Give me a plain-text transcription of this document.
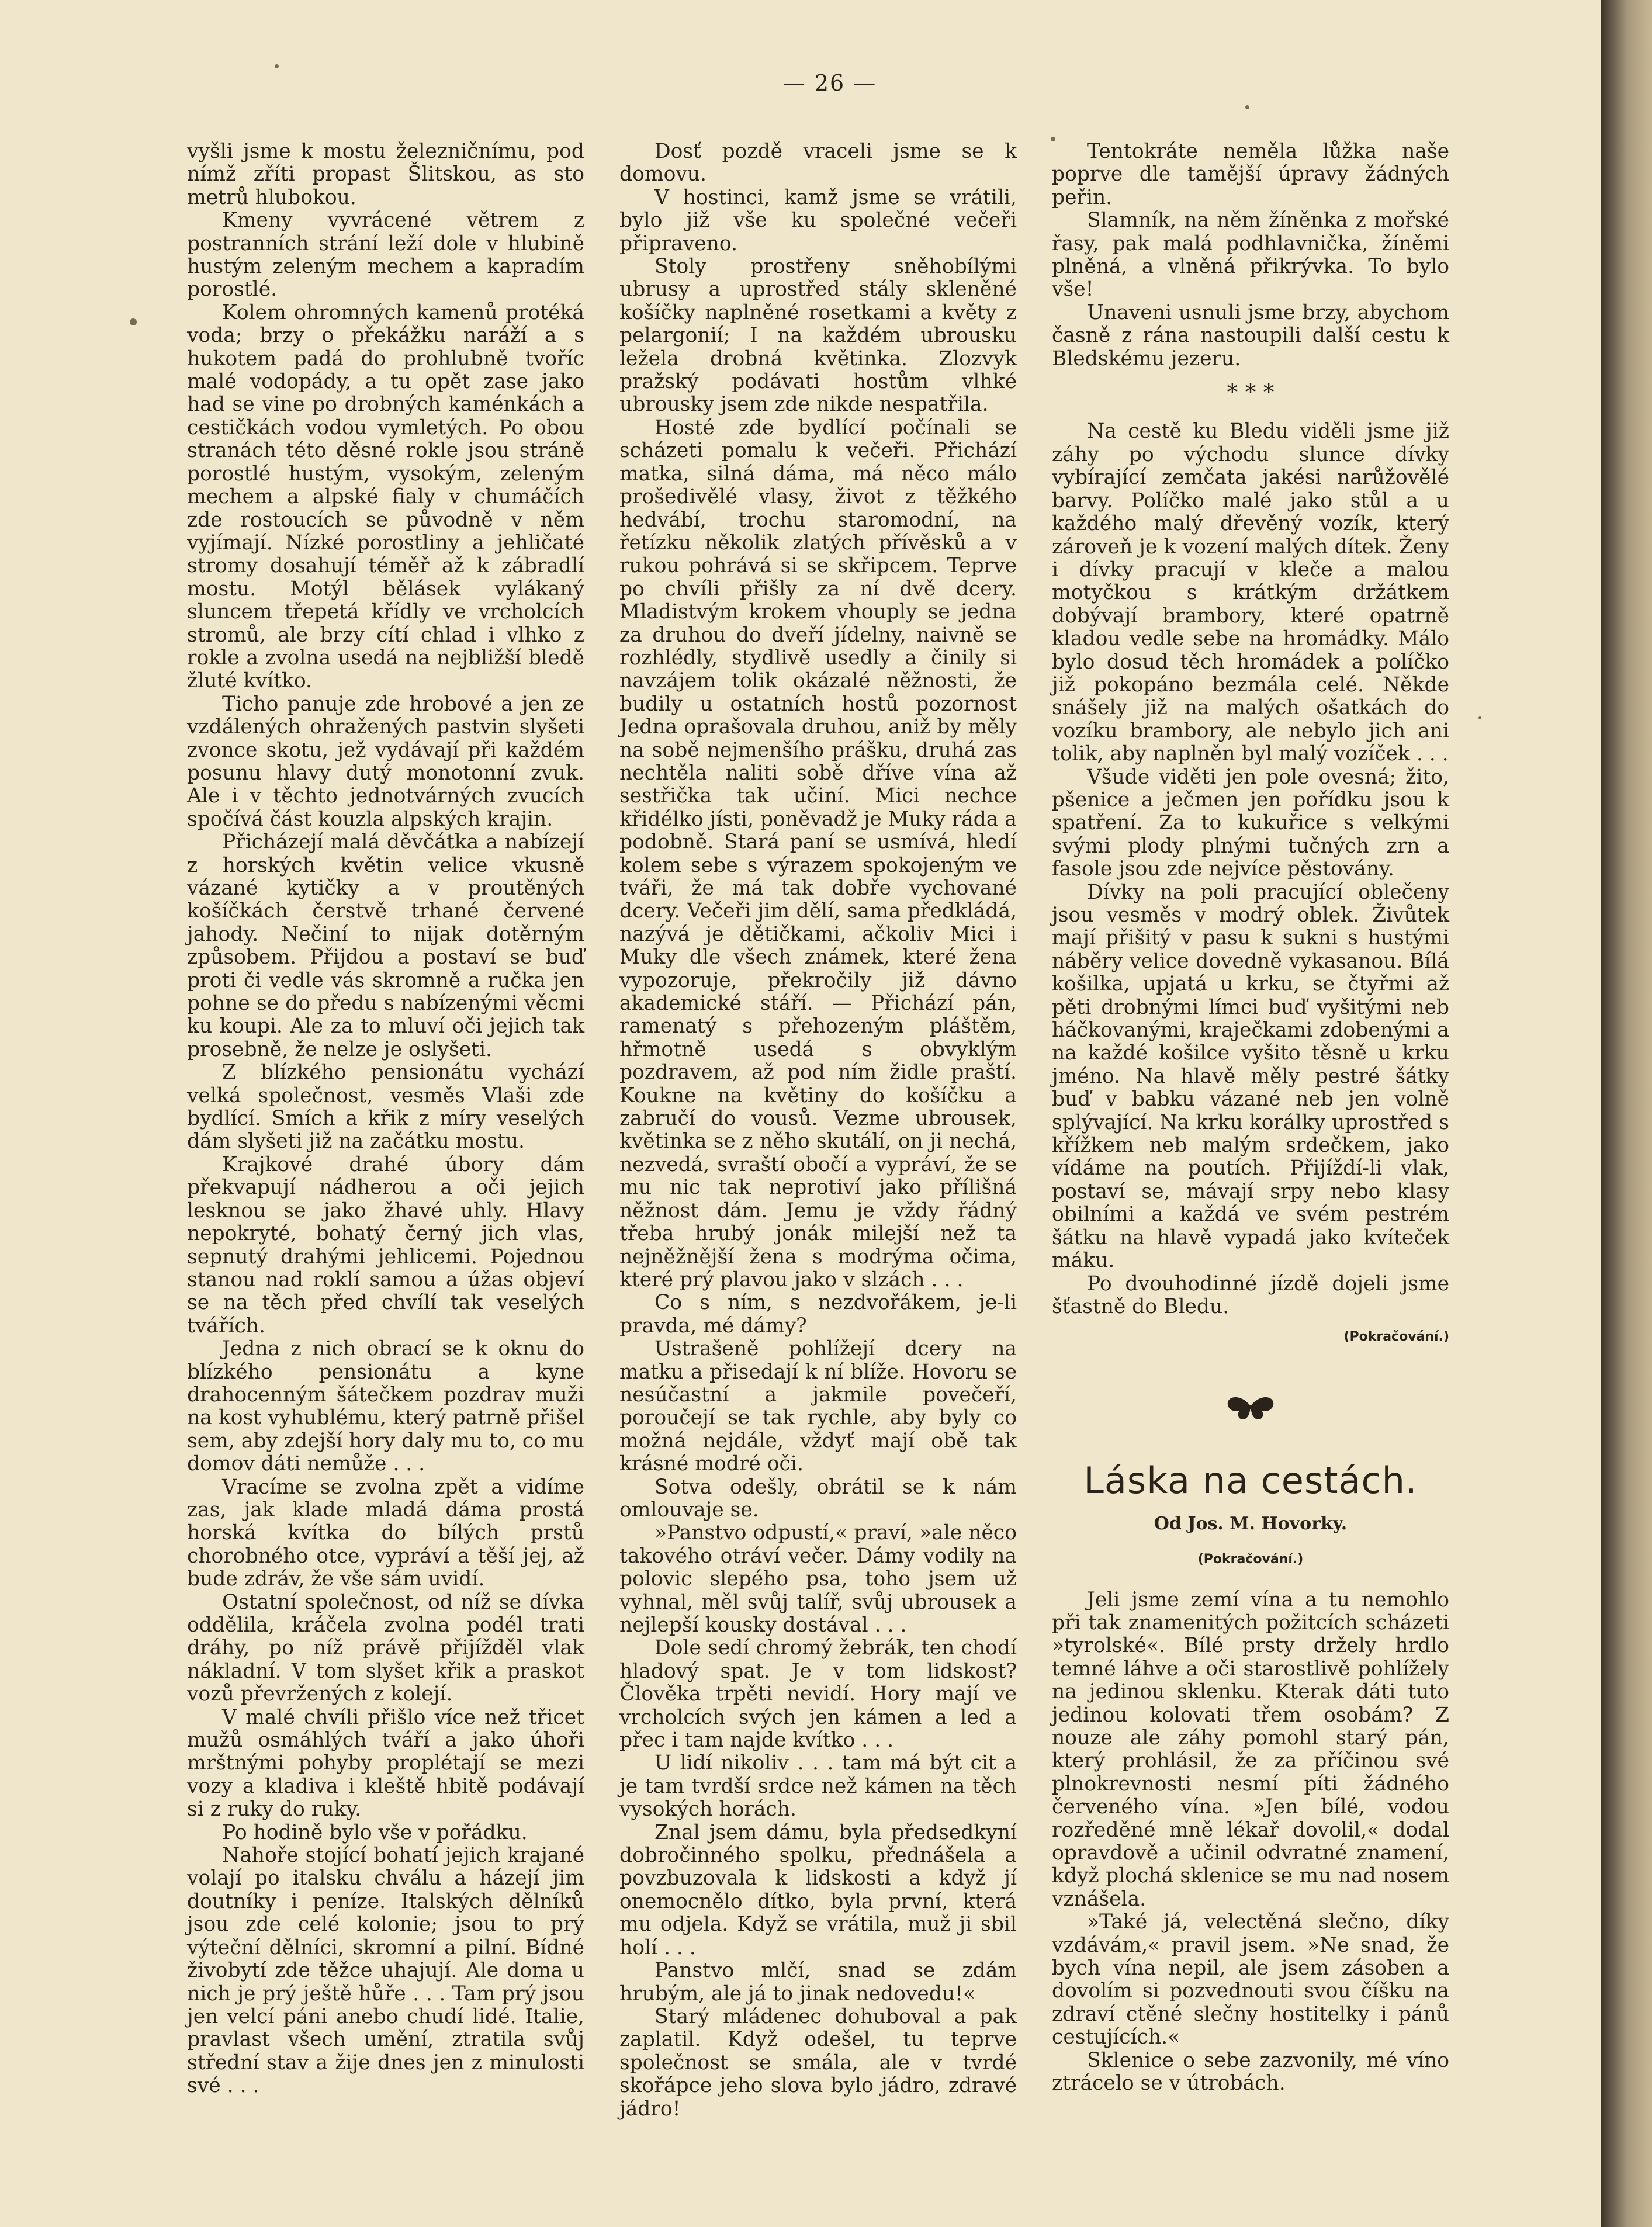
— 26 —

vyšli jsme k mostu železničnímu, pod nímž zříti propast Šlitskou, as sto metrů hlubokou.

Kmeny vyvrácené větrem z postranních strání leží dole v hlubině hustým zeleným mechem a kapradím porostlé.

Kolem ohromných kamenů protéká voda; brzy o překážku naráží a s hukotem padá do prohlubně tvoříc malé vodopády, a tu opět zase jako had se vine po drobných kaménkách a cestičkách vodou vymletých. Po obou stranách této děsné rokle jsou stráně porostlé hustým, vysokým, zeleným mechem a alpské fialy v chumáčích zde rostoucích se původně v něm vyjímají. Nízké porostliny a jehličaté stromy dosahují téměř až k zábradlí mostu. Motýl bělásek vylákaný sluncem třepetá křídly ve vrcholcích stromů, ale brzy cítí chlad i vlhko z rokle a zvolna usedá na nejbližší bledě žluté kvítko.

Ticho panuje zde hrobové a jen ze vzdálených ohražených pastvin slyšeti zvonce skotu, jež vydávají při každém posunu hlavy dutý monotonní zvuk. Ale i v těchto jednotvárných zvucích spočívá část kouzla alpských krajin.

Přicházejí malá děvčátka a nabízejí z horských květin velice vkusně vázané kytičky a v proutěných košíčkách čerstvě trhané červené jahody. Nečiní to nijak dotěrným způsobem. Přijdou a postaví se buď proti či vedle vás skromně a ručka jen pohne se do předu s nabízenými věcmi ku koupi. Ale za to mluví oči jejich tak prosebně, že nelze je oslyšeti.

Z blízkého pensionátu vychází velká společnost, vesměs Vlaši zde bydlící. Smích a křik z míry veselých dám slyšeti již na začátku mostu.

Krajkové drahé úbory dám překvapují nádherou a oči jejich lesknou se jako žhavé uhly. Hlavy nepokryté, bohatý černý jich vlas, sepnutý drahými jehlicemi. Pojednou stanou nad roklí samou a úžas objeví se na těch před chvílí tak veselých tvářích.

Jedna z nich obrací se k oknu do blízkého pensionátu a kyne drahocenným šátečkem pozdrav muži na kost vyhublému, který patrně přišel sem, aby zdejší hory daly mu to, co mu domov dáti nemůže . . .

Vracíme se zvolna zpět a vidíme zas, jak klade mladá dáma prostá horská kvítka do bílých prstů chorobného otce, vypráví a těší jej, až bude zdráv, že vše sám uvidí.

Ostatní společnost, od níž se dívka oddělila, kráčela zvolna podél trati dráhy, po níž právě přijížděl vlak nákladní. V tom slyšet křik a praskot vozů převržených z kolejí.

V malé chvíli přišlo více než třicet mužů osmáhlých tváří a jako úhoři mrštnými pohyby proplétají se mezi vozy a kladiva i kleště hbitě podávají si z ruky do ruky.

Po hodině bylo vše v pořádku.

Nahoře stojící bohatí jejich krajané volají po italsku chválu a házejí jim doutníky i peníze. Italských dělníků jsou zde celé kolonie; jsou to prý výteční dělníci, skromní a pilní. Bídné živobytí zde těžce uhajují. Ale doma u nich je prý ještě hůře . . . Tam prý jsou jen velcí páni anebo chudí lidé. Italie, pravlast všech umění, ztratila svůj střední stav a žije dnes jen z minulosti své . . .

Dosť pozdě vraceli jsme se k domovu.

V hostinci, kamž jsme se vrátili, bylo již vše ku společné večeři připraveno.

Stoly prostřeny sněhobílými ubrusy a uprostřed stály skleněné košíčky naplněné rosetkami a květy z pelargonií; I na každém ubrousku ležela drobná květinka. Zlozvyk pražský podávati hostům vlhké ubrousky jsem zde nikde nespatřila.

Hosté zde bydlící počínali se scházeti pomalu k večeři. Přichází matka, silná dáma, má něco málo prošedivělé vlasy, život z těžkého hedvábí, trochu staromodní, na řetízku několik zlatých přívěsků a v rukou pohrává si se skřipcem. Teprve po chvíli přišly za ní dvě dcery. Mladistvým krokem vhouply se jedna za druhou do dveří jídelny, naivně se rozhlédly, stydlivě usedly a činily si navzájem tolik okázalé něžnosti, že budily u ostatních hostů pozornost Jedna oprašovala druhou, aniž by měly na sobě nejmenšího prášku, druhá zas nechtěla naliti sobě dříve vína až sestřička tak učiní. Mici nechce křidélko jísti, poněvadž je Muky ráda a podobně. Stará paní se usmívá, hledí kolem sebe s výrazem spokojeným ve tváři, že má tak dobře vychované dcery. Večeři jim dělí, sama předkládá, nazývá je dětičkami, ačkoliv Mici i Muky dle všech známek, které žena vypozoruje, překročily již dávno akademické stáří. — Přichází pán, ramenatý s přehozeným pláštěm, hřmotně usedá s obvyklým pozdravem, až pod ním židle praští. Koukne na květiny do košíčku a zabručí do vousů. Vezme ubrousek, květinka se z něho skutálí, on ji nechá, nezvedá, svraští obočí a vypráví, že se mu nic tak neprotiví jako přílišná něžnost dám. Jemu je vždy řádný třeba hrubý jonák milejší než ta nejněžnější žena s modrýma očima, které prý plavou jako v slzách . . .

Co s ním, s nezdvořákem, je-li pravda, mé dámy?

Ustrašeně pohlížejí dcery na matku a přisedají k ní blíže. Hovoru se nesúčastní a jakmile povečeří, poroučejí se tak rychle, aby byly co možná nejdále, vždyť mají obě tak krásné modré oči.

Sotva odešly, obrátil se k nám omlouvaje se.

»Panstvo odpustí,« praví, »ale něco takového otráví večer. Dámy vodily na polovic slepého psa, toho jsem už vyhnal, měl svůj talíř, svůj ubrousek a nejlepší kousky dostával . . .

Dole sedí chromý žebrák, ten chodí hladový spat. Je v tom lidskost? Člověka trpěti nevidí. Hory mají ve vrcholcích svých jen kámen a led a přec i tam najde kvítko . . .

U lidí nikoliv . . . tam má být cit a je tam tvrdší srdce než kámen na těch vysokých horách.

Znal jsem dámu, byla předsedkyní dobročinného spolku, přednášela a povzbuzovala k lidskosti a když jí onemocnělo dítko, byla první, která mu odjela. Když se vrátila, muž ji sbil holí . . .

Panstvo mlčí, snad se zdám hrubým, ale já to jinak nedovedu!«

Starý mládenec dohuboval a pak zaplatil. Když odešel, tu teprve společnost se smála, ale v tvrdé skořápce jeho slova bylo jádro, zdravé jádro!

Tentokráte neměla lůžka naše poprve dle tamější úpravy žádných peřin.

Slamník, na něm žíněnka z mořské řasy, pak malá podhlavnička, žíněmi plněná, a vlněná přikrývka. To bylo vše!

Unaveni usnuli jsme brzy, abychom časně z rána nastoupili další cestu k Bledskému jezeru.

* * *

Na cestě ku Bledu viděli jsme již záhy po východu slunce dívky vybírající zemčata jakési narůžovělé barvy. Políčko malé jako stůl a u každého malý dřevěný vozík, který zároveň je k vození malých dítek. Ženy i dívky pracují v kleče a malou motyčkou s krátkým držátkem dobývají brambory, které opatrně kladou vedle sebe na hromádky. Málo bylo dosud těch hromádek a políčko již pokopáno bezmála celé. Někde snášely již na malých ošatkách do vozíku brambory, ale nebylo jich ani tolik, aby naplněn byl malý vozíček . . .

Všude viděti jen pole ovesná; žito, pšenice a ječmen jen pořídku jsou k spatření. Za to kukuřice s velkými svými plody plnými tučných zrn a fasole jsou zde nejvíce pěstovány.

Dívky na poli pracující oblečeny jsou vesměs v modrý oblek. Živůtek mají přišitý v pasu k sukni s hustými náběry velice dovedně vykasanou. Bílá košilka, upjatá u krku, se čtyřmi až pěti drobnými límci buď vyšitými neb háčkovanými, kraječkami zdobenými a na každé košilce vyšito těsně u krku jméno. Na hlavě měly pestré šátky buď v babku vázané neb jen volně splývající. Na krku korálky uprostřed s křížkem neb malým srdečkem, jako vídáme na poutích. Přijíždí-li vlak, postaví se, mávají srpy nebo klasy obilními a každá ve svém pestrém šátku na hlavě vypadá jako kvíteček máku.

Po dvouhodinné jízdě dojeli jsme šťastně do Bledu.

(Pokračování.)
Láska na cestách.
Od Jos. M. Hovorky.
(Pokračování.)

Jeli jsme zemí vína a tu nemohlo při tak znamenitých požitcích scházeti »tyrolské«. Bílé prsty držely hrdlo temné láhve a oči starostlivě pohlížely na jedinou sklenku. Kterak dáti tuto jedinou kolovati třem osobám? Z nouze ale záhy pomohl starý pán, který prohlásil, že za příčinou své plnokrevnosti nesmí píti žádného červeného vína. »Jen bílé, vodou rozředěné mně lékař dovolil,« dodal opravdově a učinil odvratné znamení, když plochá sklenice se mu nad nosem vznášela.

»Také já, velectěná slečno, díky vzdávám,« pravil jsem. »Ne snad, že bych vína nepil, ale jsem zásoben a dovolím si pozvednouti svou číšku na zdraví ctěné slečny hostitelky i pánů cestujících.«

Sklenice o sebe zazvonily, mé víno ztrácelo se v útrobách.
